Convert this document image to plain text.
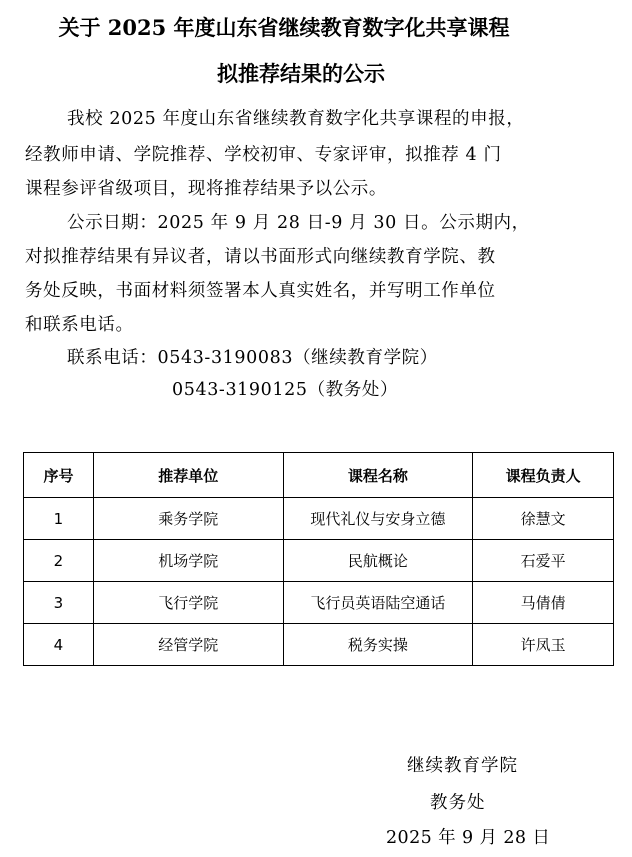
关于 2025 年度山东省继续教育数字化共享课程
拟推荐结果的公示
我校 2025 年度山东省继续教育数字化共享课程的申报，
经教师申请、学院推荐、学校初审、专家评审，拟推荐 4 门
课程参评省级项目，现将推荐结果予以公示。
公示日期：2025 年 9 月 28 日-9 月 30 日。公示期内，
对拟推荐结果有异议者，请以书面形式向继续教育学院、教
务处反映，书面材料须签署本人真实姓名，并写明工作单位
和联系电话。
联系电话：0543-3190083（继续教育学院）
0543-3190125（教务处）
序号	推荐单位	课程名称	课程负责人
1	乘务学院	现代礼仪与安身立德	徐慧文
2	机场学院	民航概论	石爱平
3	飞行学院	飞行员英语陆空通话	马倩倩
4	经管学院	税务实操	许凤玉
继续教育学院
教务处
2025 年 9 月 28 日
